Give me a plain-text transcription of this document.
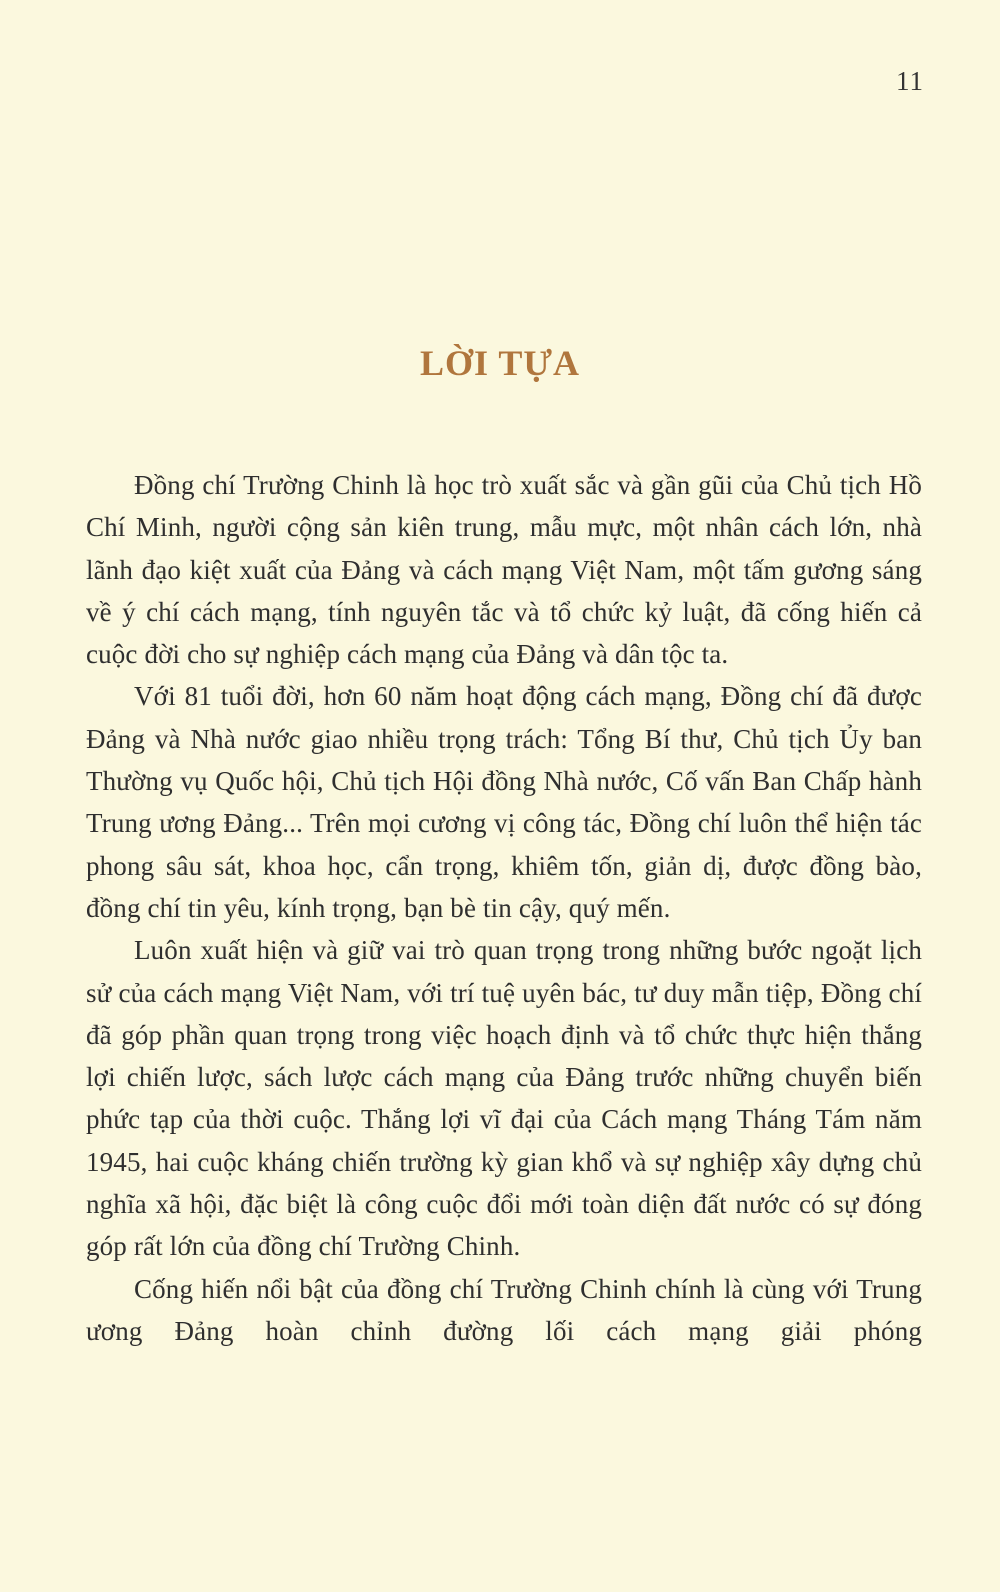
11
LỜI TỰA

Đồng chí Trường Chinh là học trò xuất sắc và gần gũi của Chủ tịch Hồ Chí Minh, người cộng sản kiên trung, mẫu mực, một nhân cách lớn, nhà lãnh đạo kiệt xuất của Đảng và cách mạng Việt Nam, một tấm gương sáng về ý chí cách mạng, tính nguyên tắc và tổ chức kỷ luật, đã cống hiến cả cuộc đời cho sự nghiệp cách mạng của Đảng và dân tộc ta.

Với 81 tuổi đời, hơn 60 năm hoạt động cách mạng, Đồng chí đã được Đảng và Nhà nước giao nhiều trọng trách: Tổng Bí thư, Chủ tịch Ủy ban Thường vụ Quốc hội, Chủ tịch Hội đồng Nhà nước, Cố vấn Ban Chấp hành Trung ương Đảng... Trên mọi cương vị công tác, Đồng chí luôn thể hiện tác phong sâu sát, khoa học, cẩn trọng, khiêm tốn, giản dị, được đồng bào, đồng chí tin yêu, kính trọng, bạn bè tin cậy, quý mến.

Luôn xuất hiện và giữ vai trò quan trọng trong những bước ngoặt lịch sử của cách mạng Việt Nam, với trí tuệ uyên bác, tư duy mẫn tiệp, Đồng chí đã góp phần quan trọng trong việc hoạch định và tổ chức thực hiện thắng lợi chiến lược, sách lược cách mạng của Đảng trước những chuyển biến phức tạp của thời cuộc. Thắng lợi vĩ đại của Cách mạng Tháng Tám năm 1945, hai cuộc kháng chiến trường kỳ gian khổ và sự nghiệp xây dựng chủ nghĩa xã hội, đặc biệt là công cuộc đổi mới toàn diện đất nước có sự đóng góp rất lớn của đồng chí Trường Chinh.

Cống hiến nổi bật của đồng chí Trường Chinh chính là cùng với Trung ương Đảng hoàn chỉnh đường lối cách mạng giải phóng
